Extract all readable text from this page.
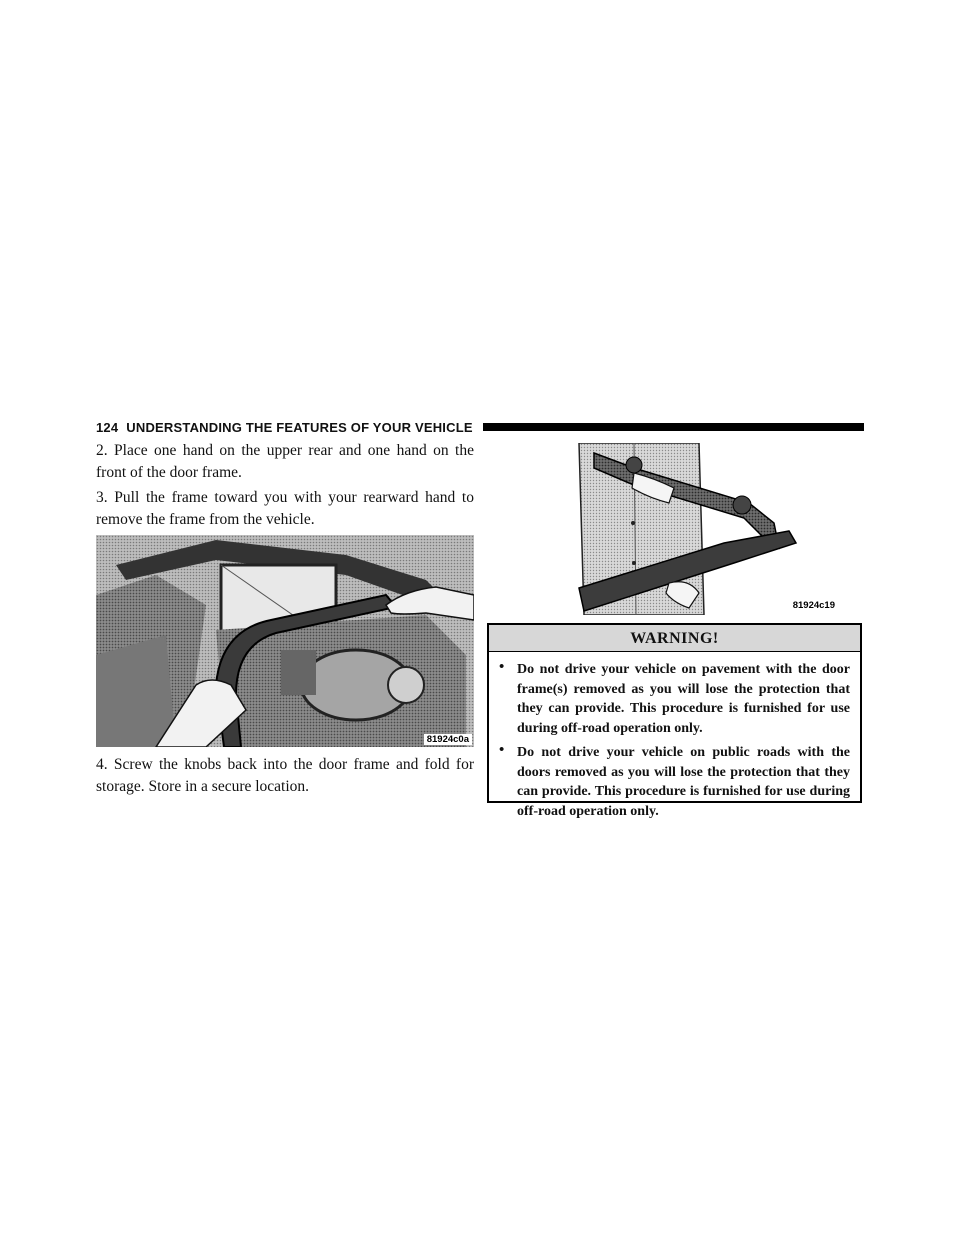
124 UNDERSTANDING THE FEATURES OF YOUR VEHICLE

2. Place one hand on the upper rear and one hand on the front of the door frame.

3. Pull the frame toward you with your rearward hand to remove the frame from the vehicle.

81924c0a

4. Screw the knobs back into the door frame and fold for storage. Store in a secure location.

81924c19
WARNING!
• Do not drive your vehicle on pavement with the door frame(s) removed as you will lose the protection that they can provide. This procedure is furnished for use during off-road operation only.
• Do not drive your vehicle on public roads with the doors removed as you will lose the protection that they can provide. This procedure is furnished for use during off-road operation only.
